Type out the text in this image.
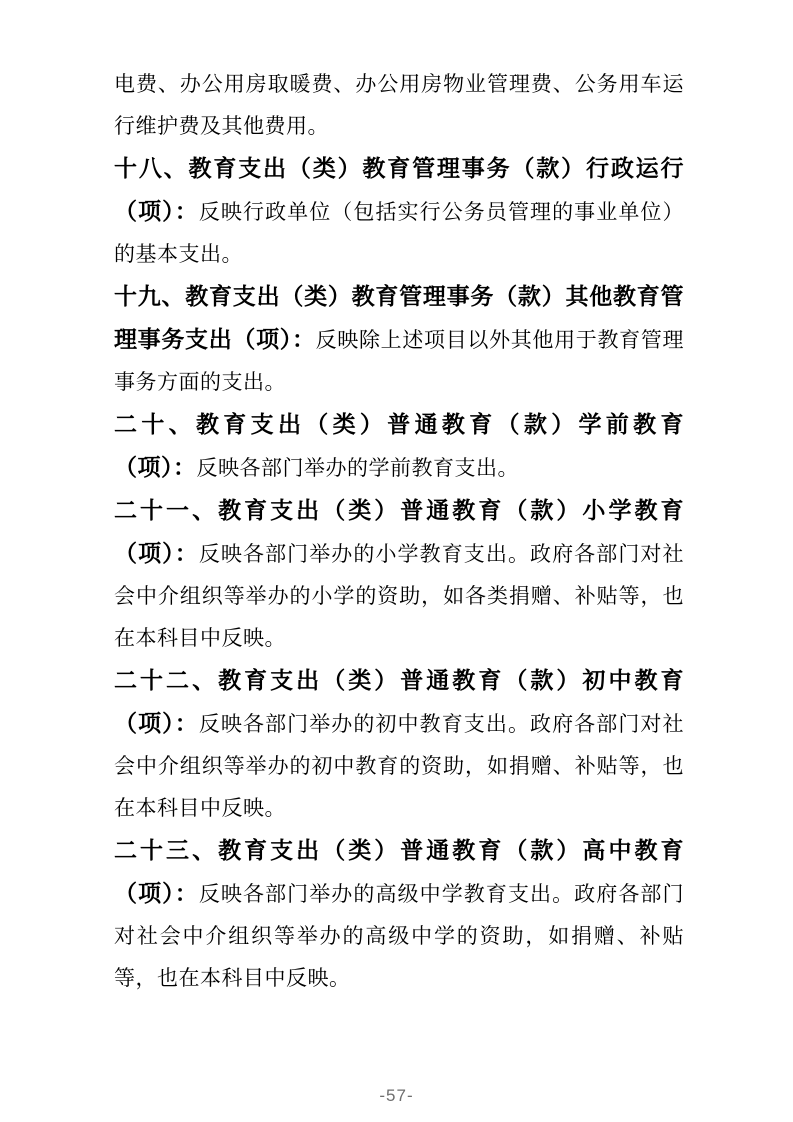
电费、办公用房取暖费、办公用房物业管理费、公务用车运行维护费及其他费用。

十八、教育支出（类）教育管理事务（款）行政运行（项）：反映行政单位（包括实行公务员管理的事业单位）的基本支出。

十九、教育支出（类）教育管理事务（款）其他教育管理事务支出（项）：反映除上述项目以外其他用于教育管理事务方面的支出。

二十、教育支出（类）普通教育（款）学前教育（项）：反映各部门举办的学前教育支出。

二十一、教育支出（类）普通教育（款）小学教育（项）：反映各部门举办的小学教育支出。政府各部门对社会中介组织等举办的小学的资助，如各类捐赠、补贴等，也在本科目中反映。

二十二、教育支出（类）普通教育（款）初中教育（项）：反映各部门举办的初中教育支出。政府各部门对社会中介组织等举办的初中教育的资助，如捐赠、补贴等，也在本科目中反映。

二十三、教育支出（类）普通教育（款）高中教育（项）：反映各部门举办的高级中学教育支出。政府各部门对社会中介组织等举办的高级中学的资助，如捐赠、补贴等，也在本科目中反映。

-57-
